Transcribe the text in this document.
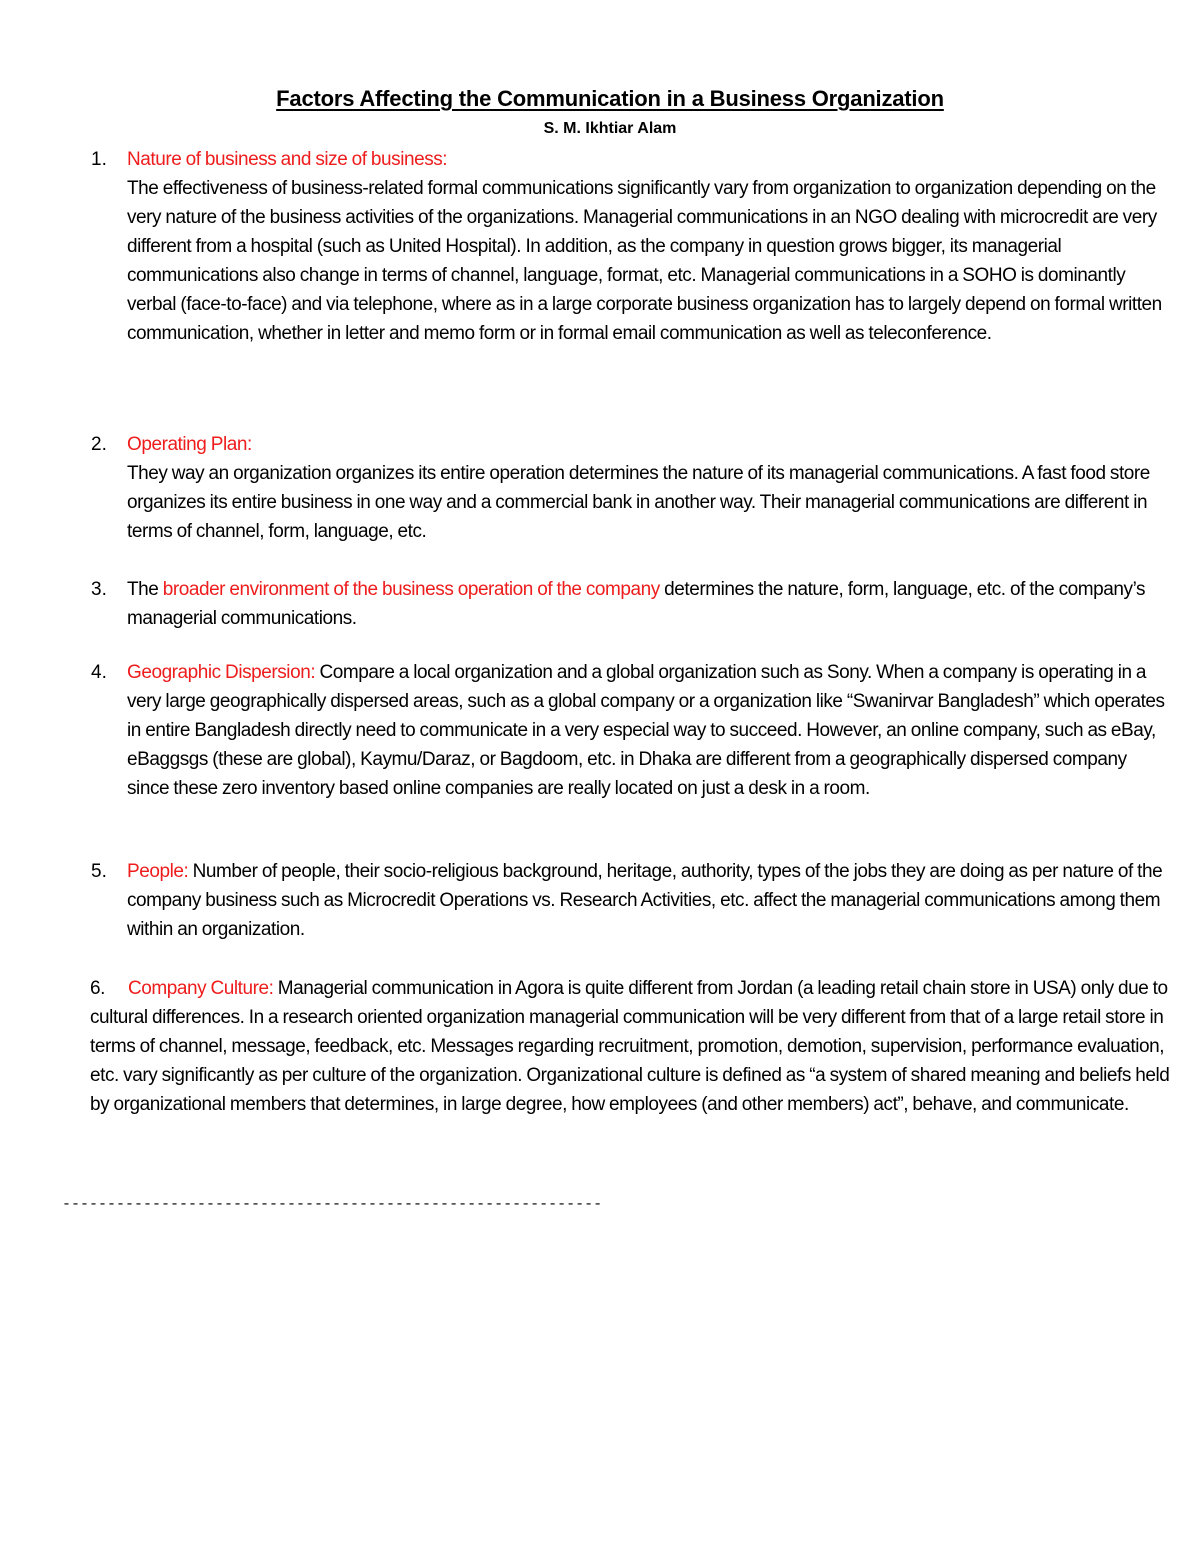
Factors Affecting the Communication in a Business Organization
S. M. Ikhtiar Alam
1. Nature of business and size of business:
The effectiveness of business-related formal communications significantly vary from organization to organization depending on the very nature of the business activities of the organizations. Managerial communications in an NGO dealing with microcredit are very different from a hospital (such as United Hospital). In addition, as the company in question grows bigger, its managerial communications also change in terms of channel, language, format, etc. Managerial communications in a SOHO is dominantly verbal (face-to-face) and via telephone, where as in a large corporate business organization has to largely depend on formal written communication, whether in letter and memo form or in formal email communication as well as teleconference.
2. Operating Plan:
They way an organization organizes its entire operation determines the nature of its managerial communications. A fast food store organizes its entire business in one way and a commercial bank in another way. Their managerial communications are different in terms of channel, form, language, etc.
3. The broader environment of the business operation of the company determines the nature, form, language, etc. of the company’s managerial communications.
4. Geographic Dispersion: Compare a local organization and a global organization such as Sony. When a company is operating in a very large geographically dispersed areas, such as a global company or a organization like “Swanirvar Bangladesh” which operates in entire Bangladesh directly need to communicate in a very especial way to succeed. However, an online company, such as eBay, eBaggsgs (these are global), Kaymu/Daraz, or Bagdoom, etc. in Dhaka are different from a geographically dispersed company since these zero inventory based online companies are really located on just a desk in a room.
5. People: Number of people, their socio-religious background, heritage, authority, types of the jobs they are doing as per nature of the company business such as Microcredit Operations vs. Research Activities, etc. affect the managerial communications among them within an organization.
6. Company Culture: Managerial communication in Agora is quite different from Jordan (a leading retail chain store in USA) only due to cultural differences. In a research oriented organization managerial communication will be very different from that of a large retail store in terms of channel, message, feedback, etc. Messages regarding recruitment, promotion, demotion, supervision, performance evaluation, etc. vary significantly as per culture of the organization. Organizational culture is defined as “a system of shared meaning and beliefs held by organizational members that determines, in large degree, how employees (and other members) act”, behave, and communicate.
------------------------------------------------------------
